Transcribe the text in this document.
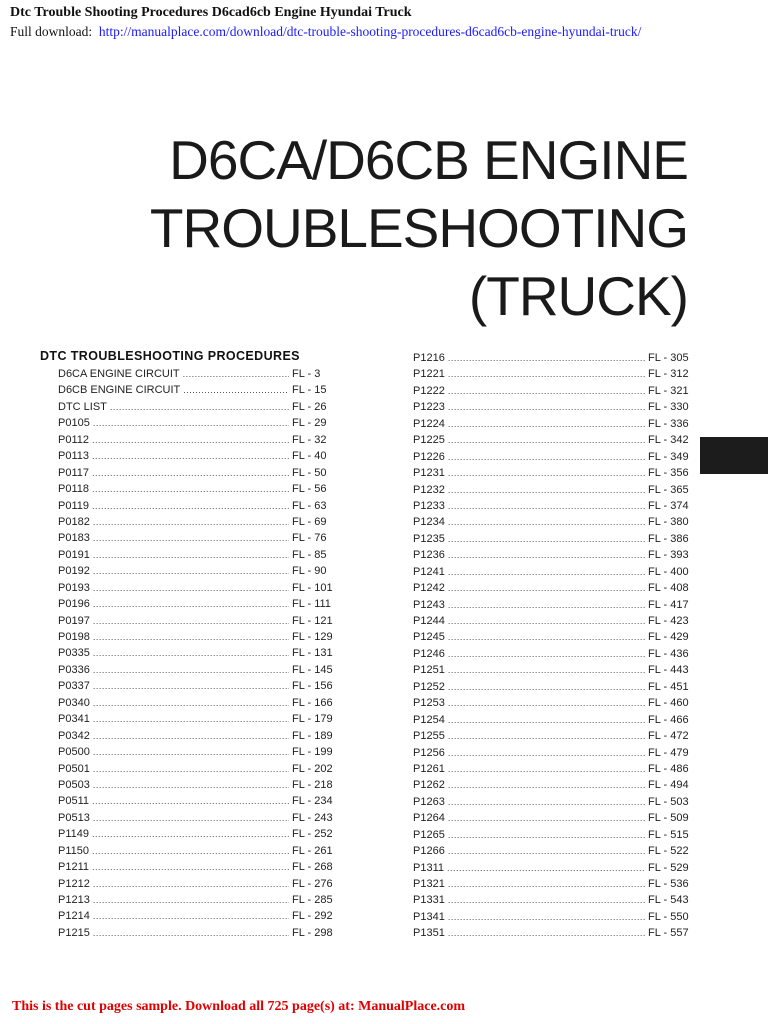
Dtc Trouble Shooting Procedures D6cad6cb Engine Hyundai Truck
Full download: http://manualplace.com/download/dtc-trouble-shooting-procedures-d6cad6cb-engine-hyundai-truck/
D6CA/D6CB ENGINE
TROUBLESHOOTING
(TRUCK)
DTC TROUBLESHOOTING PROCEDURES
D6CA ENGINE CIRCUIT .....	FL - 3
D6CB ENGINE CIRCUIT .....	FL - 15
DTC LIST .....	FL - 26
P0105 .....	FL - 29
P0112 .....	FL - 32
P0113 .....	FL - 40
P0117 .....	FL - 50
P0118 .....	FL - 56
P0119 .....	FL - 63
P0182 .....	FL - 69
P0183 .....	FL - 76
P0191 .....	FL - 85
P0192 .....	FL - 90
P0193 .....	FL - 101
P0196 .....	FL - 111
P0197 .....	FL - 121
P0198 .....	FL - 129
P0335 .....	FL - 131
P0336 .....	FL - 145
P0337 .....	FL - 156
P0340 .....	FL - 166
P0341 .....	FL - 179
P0342 .....	FL - 189
P0500 .....	FL - 199
P0501 .....	FL - 202
P0503 .....	FL - 218
P0511 .....	FL - 234
P0513 .....	FL - 243
P1149 .....	FL - 252
P1150 .....	FL - 261
P1211 .....	FL - 268
P1212 .....	FL - 276
P1213 .....	FL - 285
P1214 .....	FL - 292
P1215 .....	FL - 298
P1216 .....	FL - 305
P1221 .....	FL - 312
P1222 .....	FL - 321
P1223 .....	FL - 330
P1224 .....	FL - 336
P1225 .....	FL - 342
P1226 .....	FL - 349
P1231 .....	FL - 356
P1232 .....	FL - 365
P1233 .....	FL - 374
P1234 .....	FL - 380
P1235 .....	FL - 386
P1236 .....	FL - 393
P1241 .....	FL - 400
P1242 .....	FL - 408
P1243 .....	FL - 417
P1244 .....	FL - 423
P1245 .....	FL - 429
P1246 .....	FL - 436
P1251 .....	FL - 443
P1252 .....	FL - 451
P1253 .....	FL - 460
P1254 .....	FL - 466
P1255 .....	FL - 472
P1256 .....	FL - 479
P1261 .....	FL - 486
P1262 .....	FL - 494
P1263 .....	FL - 503
P1264 .....	FL - 509
P1265 .....	FL - 515
P1266 .....	FL - 522
P1311 .....	FL - 529
P1321 .....	FL - 536
P1331 .....	FL - 543
P1341 .....	FL - 550
P1351 .....	FL - 557
This is the cut pages sample. Download all 725 page(s) at: ManualPlace.com
